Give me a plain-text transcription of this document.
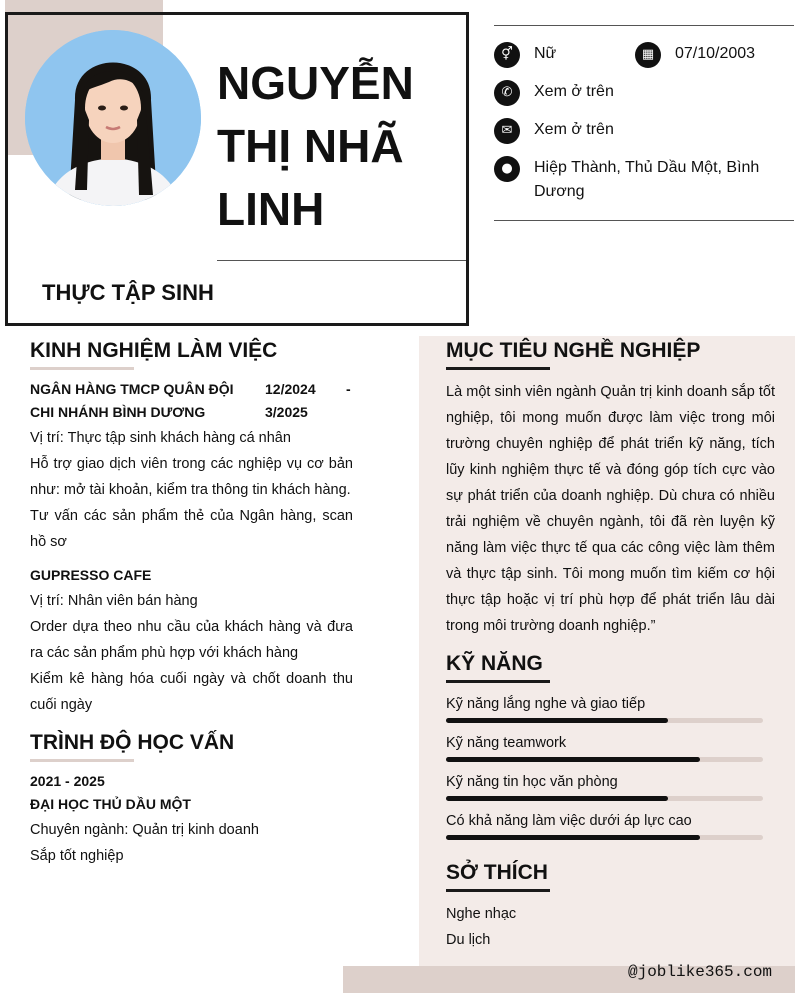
NGUYỄN
THỊ NHÃ
LINH
THỰC TẬP SINH
⚥	Nữ	▦	07/10/2003
✆	Xem ở trên
✉	Xem ở trên
●	Hiệp Thành, Thủ Dầu Một, Bình Dương
KINH NGHIỆM LÀM VIỆC
NGÂN HÀNG TMCP QUÂN ĐỘI CHI NHÁNH BÌNH DƯƠNG
12/2024 -
3/2025
Vị trí: Thực tập sinh khách hàng cá nhân
Hỗ trợ giao dịch viên trong các nghiệp vụ cơ bản như: mở tài khoản, kiểm tra thông tin khách hàng.
Tư vấn các sản phẩm thẻ của Ngân hàng, scan hồ sơ
GUPRESSO CAFE
Vị trí: Nhân viên bán hàng
Order dựa theo nhu cầu của khách hàng và đưa ra các sản phẩm phù hợp với khách hàng
Kiểm kê hàng hóa cuối ngày và chốt doanh thu cuối ngày
TRÌNH ĐỘ HỌC VẤN
2021 - 2025
ĐẠI HỌC THỦ DẦU MỘT
Chuyên ngành: Quản trị kinh doanh
Sắp tốt nghiệp
MỤC TIÊU NGHỀ NGHIỆP
Là một sinh viên ngành Quản trị kinh doanh sắp tốt nghiệp, tôi mong muốn được làm việc trong môi trường chuyên nghiệp để phát triển kỹ năng, tích lũy kinh nghiệm thực tế và đóng góp tích cực vào sự phát triển của doanh nghiệp. Dù chưa có nhiều trải nghiệm về chuyên ngành, tôi đã rèn luyện kỹ năng làm việc thực tế qua các công việc làm thêm và thực tập sinh. Tôi mong muốn tìm kiếm cơ hội thực tập hoặc vị trí phù hợp để phát triển lâu dài trong môi trường doanh nghiệp.”
KỸ NĂNG
Kỹ năng lắng nghe và giao tiếp
Kỹ năng teamwork
Kỹ năng tin học văn phòng
Có khả năng làm việc dưới áp lực cao
SỞ THÍCH
Nghe nhạc
Du lịch
@joblike365.com
